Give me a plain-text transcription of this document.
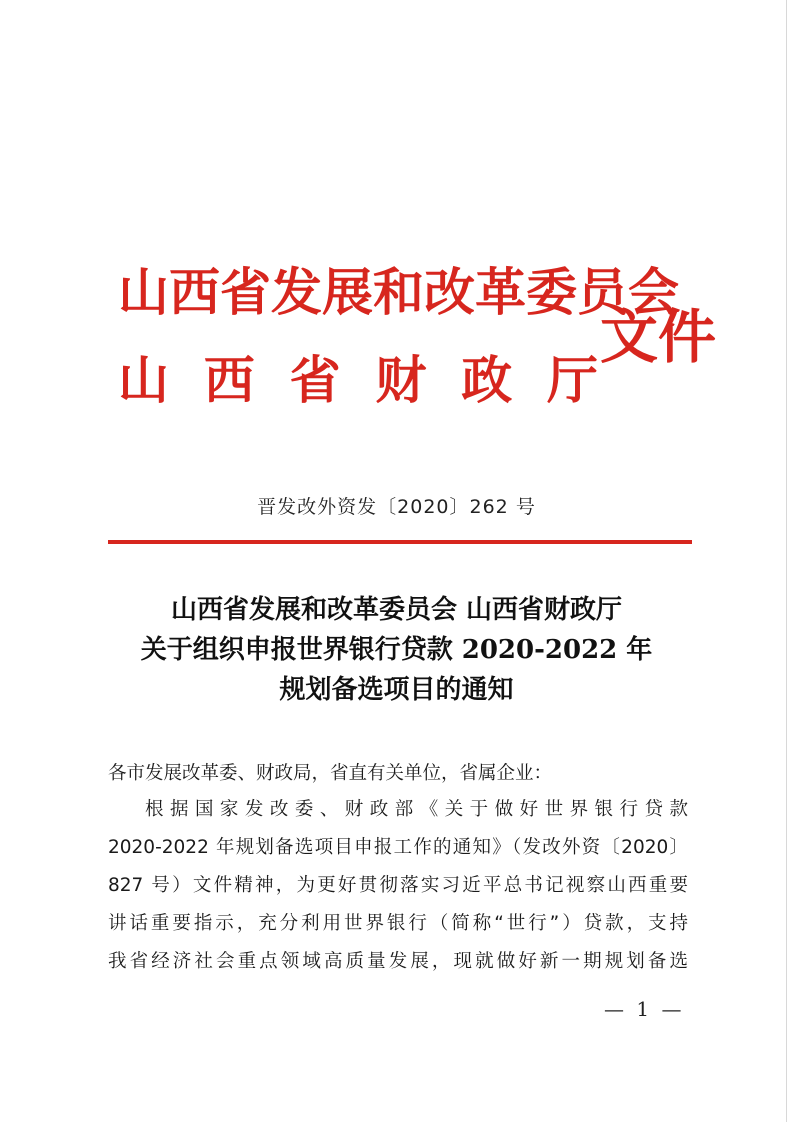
山西省发展和改革委员会
山 西 省 财 政 厅
文件
晋发改外资发〔2020〕262 号
山西省发展和改革委员会 山西省财政厅
关于组织申报世界银行贷款 2020-2022 年
规划备选项目的通知

各市发展改革委、财政局，省直有关单位，省属企业：

根据国家发改委、财政部《关于做好世界银行贷款
2020-2022 年规划备选项目申报工作的通知》（发改外资〔2020〕
827 号）文件精神，为更好贯彻落实习近平总书记视察山西重要
讲话重要指示，充分利用世界银行（简称“世行”）贷款，支持
我省经济社会重点领域高质量发展，现就做好新一期规划备选
— 1 —
